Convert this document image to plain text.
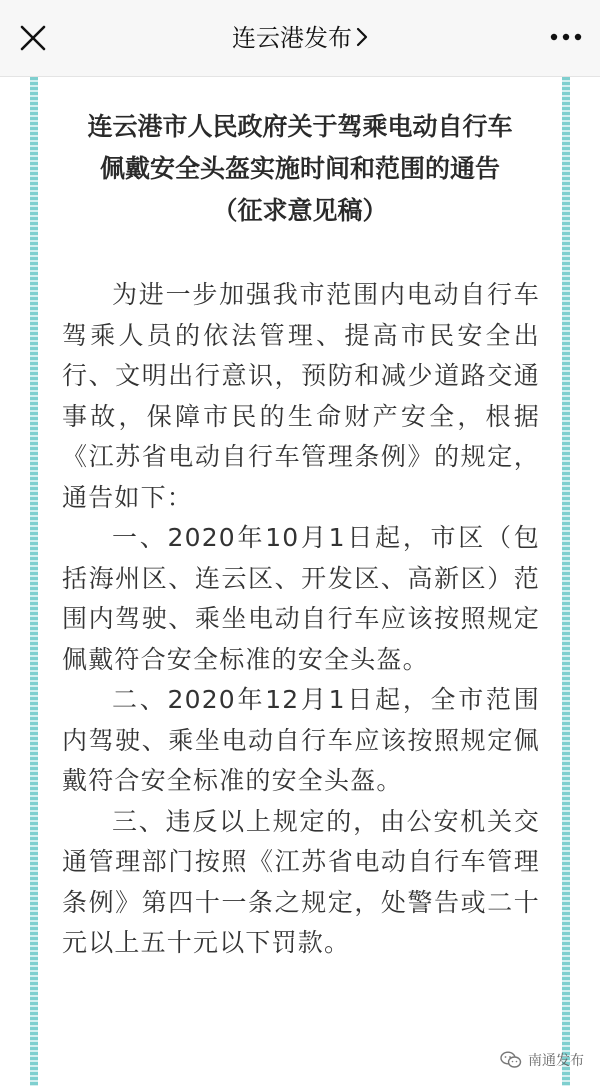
连云港发布
连云港市人民政府关于驾乘电动自行车
佩戴安全头盔实施时间和范围的通告
（征求意见稿）

为进一步加强我市范围内电动自行车驾乘人员的依法管理、提高市民安全出行、文明出行意识，预防和减少道路交通事故，保障市民的生命财产安全，根据《江苏省电动自行车管理条例》的规定，通告如下：

一、2020年10月1日起，市区（包括海州区、连云区、开发区、高新区）范围内驾驶、乘坐电动自行车应该按照规定佩戴符合安全标准的安全头盔。

二、2020年12月1日起，全市范围内驾驶、乘坐电动自行车应该按照规定佩戴符合安全标准的安全头盔。

三、违反以上规定的，由公安机关交通管理部门按照《江苏省电动自行车管理条例》第四十一条之规定，处警告或二十元以上五十元以下罚款。

南通发布
